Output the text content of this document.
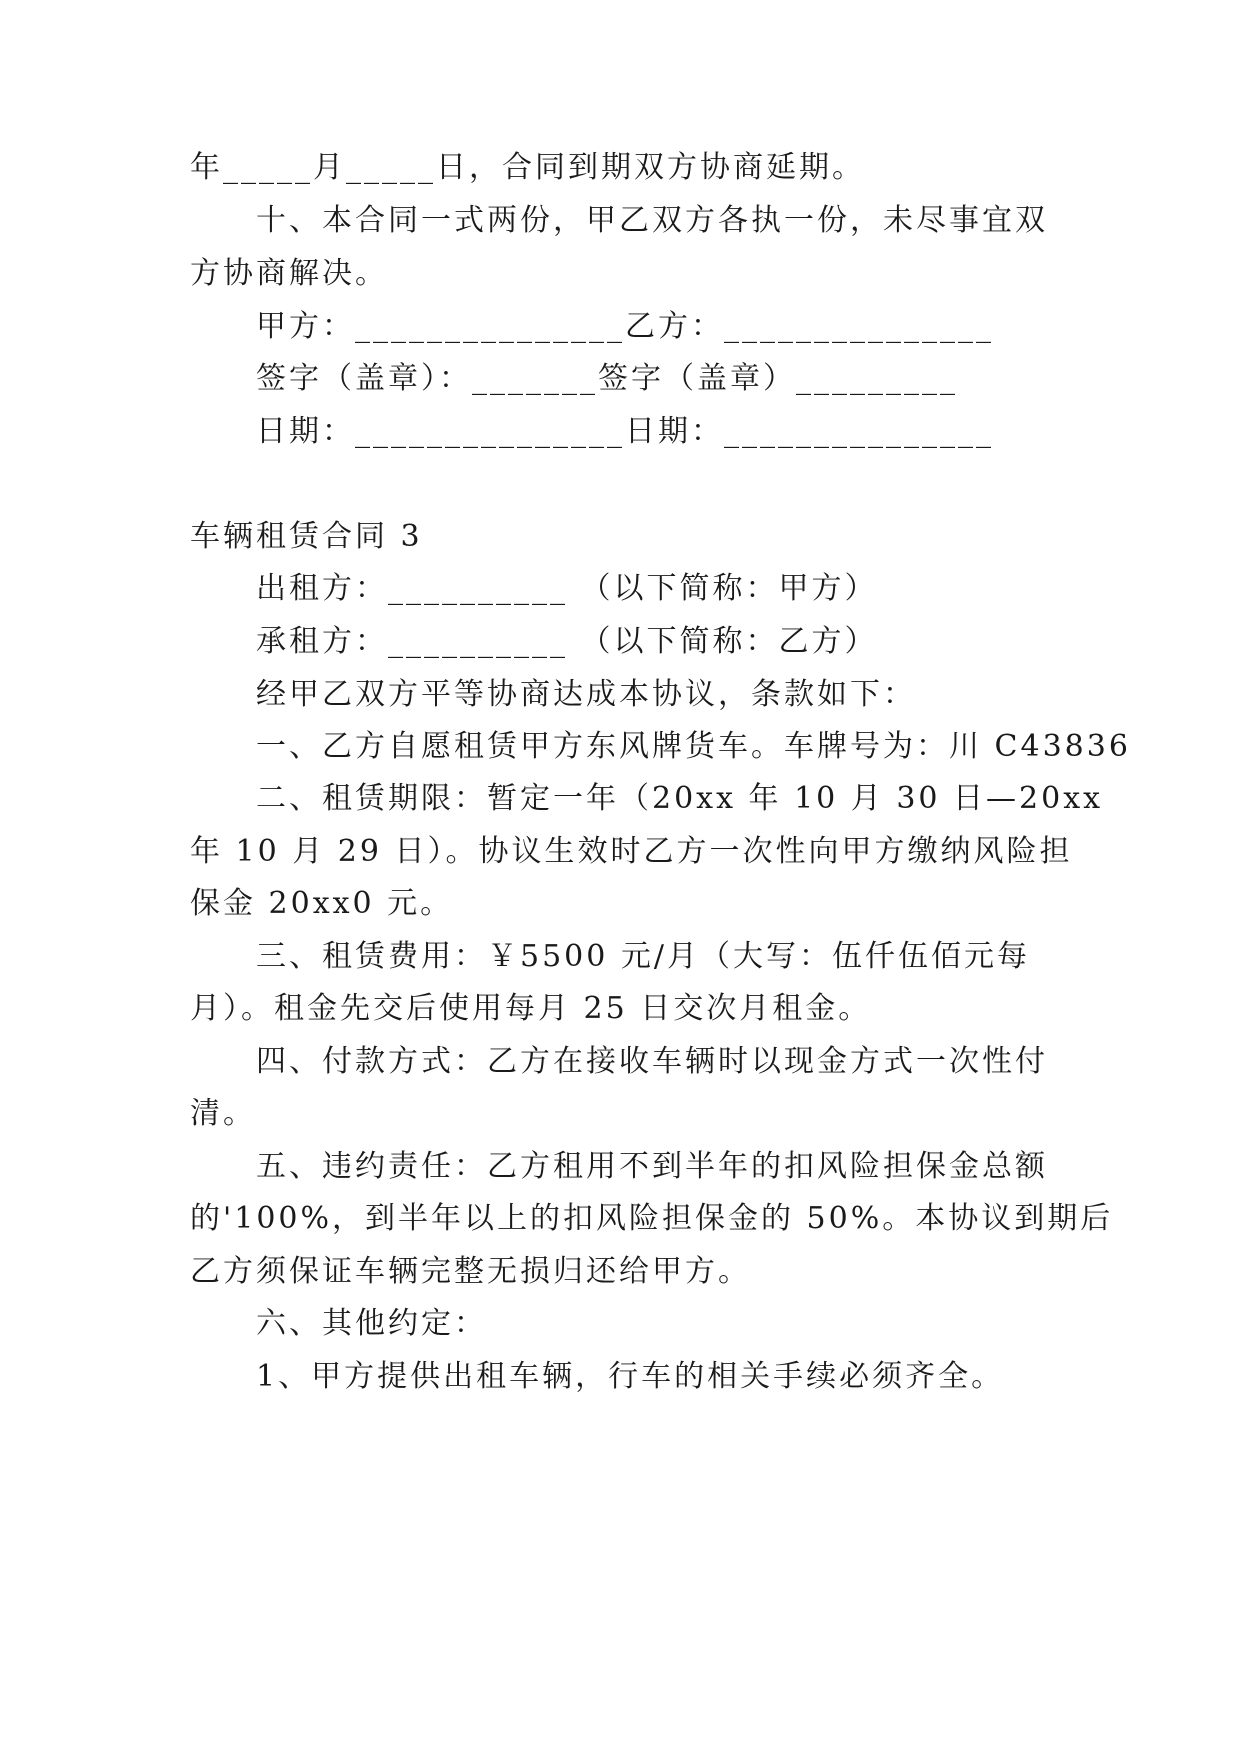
年_____月_____日，合同到期双方协商延期。
十、本合同一式两份，甲乙双方各执一份，未尽事宜双
方协商解决。
甲方：_______________乙方：_______________
签字（盖章）：_______签字（盖章）_________
日期：_______________日期：_______________
车辆租赁合同 3
出租方：__________ （以下简称：甲方）
承租方：__________ （以下简称：乙方）
经甲乙双方平等协商达成本协议，条款如下：
一、乙方自愿租赁甲方东风牌货车。车牌号为：川 C43836
二、租赁期限：暂定一年（20xx 年 10 月 30 日—20xx
年 10 月 29 日）。协议生效时乙方一次性向甲方缴纳风险担
保金 20xx0 元。
三、租赁费用：￥5500 元/月（大写：伍仟伍佰元每
月）。租金先交后使用每月 25 日交次月租金。
四、付款方式：乙方在接收车辆时以现金方式一次性付
清。
五、违约责任：乙方租用不到半年的扣风险担保金总额
的'100%，到半年以上的扣风险担保金的 50%。本协议到期后
乙方须保证车辆完整无损归还给甲方。
六、其他约定：
1、甲方提供出租车辆，行车的相关手续必须齐全。
